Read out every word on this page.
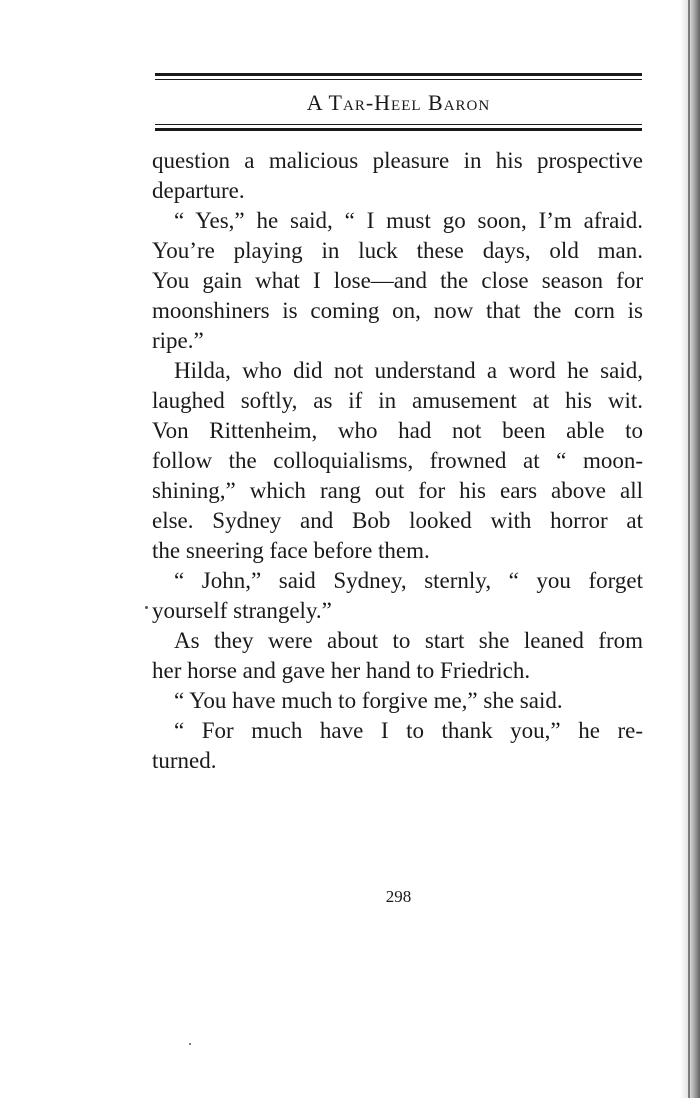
A Tar-Heel Baron
question a malicious pleasure in his prospective
departure.
“ Yes,” he said, “ I must go soon, I’m afraid.
You’re playing in luck these days, old man.
You gain what I lose—and the close season for
moonshiners is coming on, now that the corn is
ripe.”
Hilda, who did not understand a word he said,
laughed softly, as if in amusement at his wit.
Von Rittenheim, who had not been able to
follow the colloquialisms, frowned at “ moon-
shining,” which rang out for his ears above all
else. Sydney and Bob looked with horror at
the sneering face before them.
“ John,” said Sydney, sternly, “ you forget
yourself strangely.”
As they were about to start she leaned from
her horse and gave her hand to Friedrich.
“ You have much to forgive me,” she said.
“ For much have I to thank you,” he re-
turned.
298
